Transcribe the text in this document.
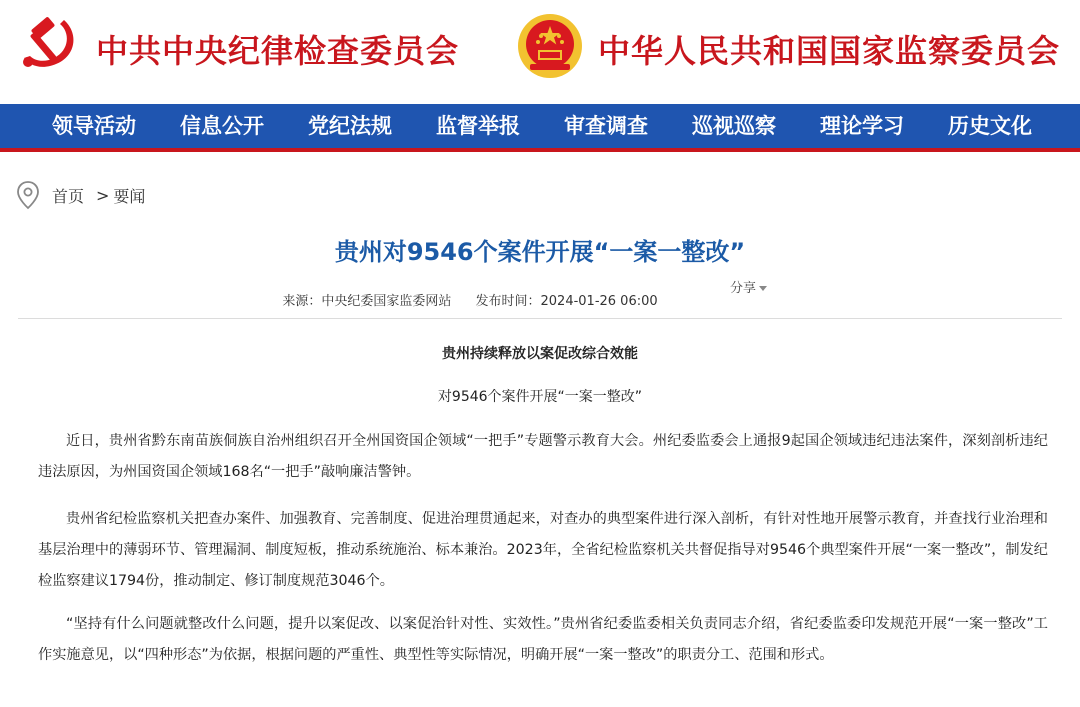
中共中央纪律检查委员会	中华人民共和国国家监察委员会
领导活动	信息公开	党纪法规	监督举报	审查调查	巡视巡察	理论学习	历史文化
首页 > 要闻
贵州对9546个案件开展“一案一整改”
来源：中央纪委国家监委网站 发布时间：2024-01-26 06:00
分享
贵州持续释放以案促改综合效能
对9546个案件开展“一案一整改”

近日，贵州省黔东南苗族侗族自治州组织召开全州国资国企领域“一把手”专题警示教育大会。州纪委监委会上通报9起国企领域违纪违法案件，深刻剖析违纪违法原因，为州国资国企领域168名“一把手”敲响廉洁警钟。

贵州省纪检监察机关把查办案件、加强教育、完善制度、促进治理贯通起来，对查办的典型案件进行深入剖析，有针对性地开展警示教育，并查找行业治理和基层治理中的薄弱环节、管理漏洞、制度短板，推动系统施治、标本兼治。2023年，全省纪检监察机关共督促指导对9546个典型案件开展“一案一整改”，制发纪检监察建议1794份，推动制定、修订制度规范3046个。

“坚持有什么问题就整改什么问题，提升以案促改、以案促治针对性、实效性。”贵州省纪委监委相关负责同志介绍，省纪委监委印发规范开展“一案一整改”工作实施意见，以“四种形态”为依据，根据问题的严重性、典型性等实际情况，明确开展“一案一整改”的职责分工、范围和形式。
